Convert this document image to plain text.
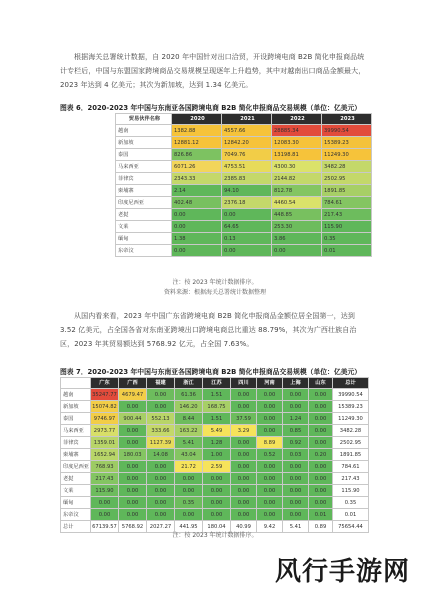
根据海关总署统计数据，自 2020 年中国针对出口洽贸，开设跨境电商 B2B 简化申报商品统计专栏后，中国与东盟国家跨境商品交易规模呈现逐年上升趋势，其中对越南出口商品金额最大，2023 年达到 4 亿美元；其次为新加坡，达到 1.34 亿美元。
图表 6．2020-2023 年中国与东南亚各国跨境电商 B2B 简化申报商品交易规模（单位：亿美元）
贸易伙伴名称	2020	2021	2022	2023
越南	1382.88	4557.66	28885.34	39990.54
新加坡	12881.12	12842.20	12083.30	15389.23
泰国	826.86	7049.76	13198.81	11249.30
马来西亚	6071.26	4753.51	4300.30	3482.28
菲律宾	2343.33	2385.83	2144.82	2502.95
柬埔寨	2.14	94.10	812.78	1891.85
印度尼西亚	402.48	2376.18	4460.54	784.61
老挝	0.00	0.00	448.85	217.43
文莱	0.00	64.65	253.30	115.90
缅甸	1.38	0.13	3.86	0.35
东帝汶	0.00	0.00	0.00	0.01
注：按 2023 年统计数据排序。
资料来源：根据海关总署统计数据整理
从国内看来看，2023 年中国广东省跨境电商 B2B 简化申报商品金额位居全国第一，达到 3.52 亿美元，占全国各省对东南亚跨境出口跨境电商总比重达 88.79%，其次为广西壮族自治区，2023 年其贸易额达到 5768.92 亿元，占全国 7.63%。
图表 7．2020-2023 年中国与东南亚各国跨境电商 B2B 简化申报商品交易规模（单位：亿美元）
国家	广东	广西	福建	浙江	江苏	四川	河南	上海	山东	总计
越南	35247.77	4679.47	0.00	61.36	1.51	0.00	0.00	0.00	0.00	39990.54
新加坡	15074.82	0.00	0.00	146.20	168.75	0.00	0.00	0.00	0.00	15389.23
泰国	9746.97	900.44	552.13	8.44	1.51	37.59	0.00	1.24	0.00	11249.30
马来西亚	2973.77	0.00	333.66	163.22	5.49	3.29	0.00	0.85	0.00	3482.28
菲律宾	1359.01	0.00	1127.39	5.41	1.28	0.00	8.89	0.92	0.00	2502.95
柬埔寨	1652.94	180.03	14.08	43.04	1.00	0.00	0.52	0.03	0.20	1891.85
印度尼西亚	768.93	0.00	0.00	21.72	2.59	0.00	0.00	0.00	0.00	784.61
老挝	217.43	0.00	0.00	0.00	0.00	0.00	0.00	0.00	0.00	217.43
文莱	115.90	0.00	0.00	0.00	0.00	0.00	0.00	0.00	0.00	115.90
缅甸	0.00	0.00	0.00	0.35	0.00	0.00	0.00	0.00	0.00	0.35
东帝汶	0.00	0.00	0.00	0.00	0.00	0.00	0.00	0.00	0.01	0.01
总计	67139.57	5768.92	2027.27	441.95	180.04	40.99	9.42	5.41	0.89	75654.44
注：按 2023 年统计数据排序。
风行手游网
